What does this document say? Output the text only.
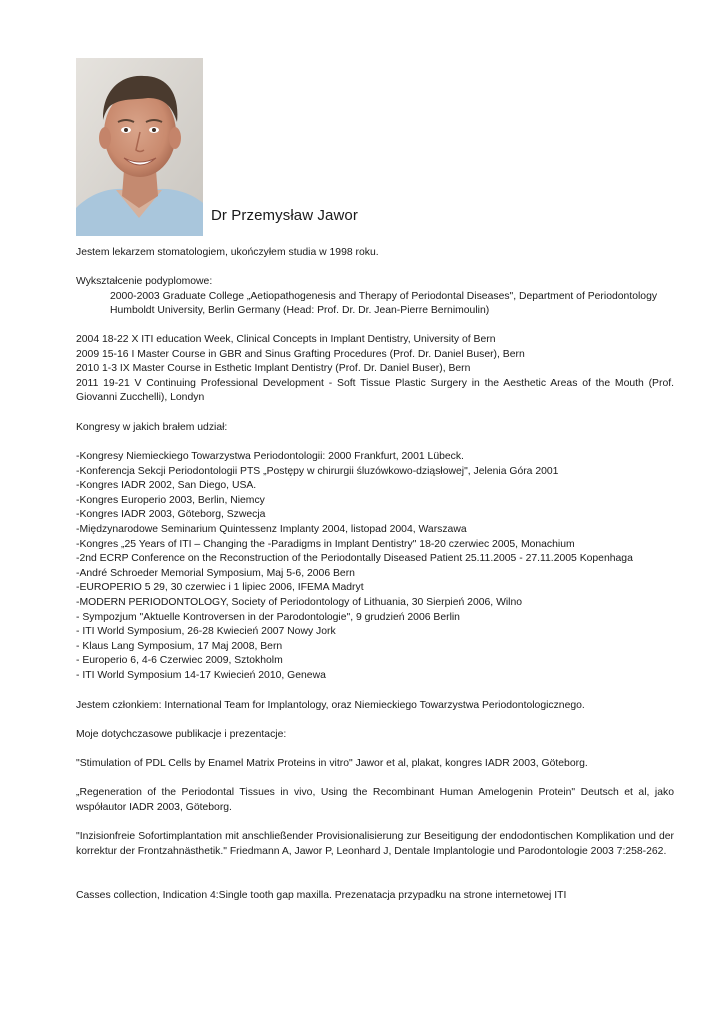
Dr Przemysław Jawor

Jestem lekarzem stomatologiem, ukończyłem studia w 1998 roku.

Wykształcenie podyplomowe:

2000-2003 Graduate College „Aetiopathogenesis and Therapy of Periodontal Diseases", Department of Periodontology

Humboldt University, Berlin Germany (Head: Prof. Dr. Dr. Jean-Pierre Bernimoulin)

2004 18-22 X ITI education Week, Clinical Concepts in Implant Dentistry, University of Bern

2009 15-16 I Master Course in GBR and Sinus Grafting Procedures (Prof. Dr. Daniel Buser), Bern

2010 1-3 IX Master Course in Esthetic Implant Dentistry (Prof. Dr. Daniel Buser), Bern

2011 19-21 V Continuing Professional Development - Soft Tissue Plastic Surgery in the Aesthetic Areas of the Mouth (Prof. Giovanni Zucchelli), Londyn

Kongresy w jakich brałem udział:

-Kongresy Niemieckiego Towarzystwa Periodontologii: 2000 Frankfurt, 2001 Lübeck.

-Konferencja Sekcji Periodontologii PTS „Postępy w chirurgii śluzówkowo-dziąsłowej", Jelenia Góra 2001

-Kongres IADR 2002, San Diego, USA.

-Kongres Europerio 2003, Berlin, Niemcy

-Kongres IADR 2003, Göteborg, Szwecja

-Międzynarodowe Seminarium Quintessenz Implanty 2004, listopad 2004, Warszawa

-Kongres „25 Years of ITI – Changing the -Paradigms in Implant Dentistry" 18-20 czerwiec 2005, Monachium

-2nd ECRP Conference on the Reconstruction of the Periodontally Diseased Patient 25.11.2005 - 27.11.2005 Kopenhaga

-André Schroeder Memorial Symposium, Maj 5-6, 2006 Bern

-EUROPERIO 5 29, 30 czerwiec i 1 lipiec 2006, IFEMA Madryt

-MODERN PERIODONTOLOGY, Society of Periodontology of Lithuania, 30 Sierpień 2006, Wilno

- Sympozjum "Aktuelle Kontroversen in der Parodontologie", 9 grudzień 2006 Berlin

- ITI World Symposium, 26-28 Kwiecień 2007 Nowy Jork

- Klaus Lang Symposium, 17 Maj 2008, Bern

- Europerio 6, 4-6 Czerwiec 2009, Sztokholm

- ITI World Symposium 14-17 Kwiecień 2010, Genewa

Jestem członkiem: International Team for Implantology, oraz Niemieckiego Towarzystwa Periodontologicznego.

Moje dotychczasowe publikacje i prezentacje:

"Stimulation of PDL Cells by Enamel Matrix Proteins in vitro" Jawor et al, plakat, kongres IADR 2003, Göteborg.

„Regeneration of the Periodontal Tissues in vivo, Using the Recombinant Human Amelogenin Protein" Deutsch et al, jako współautor IADR 2003, Göteborg.

"Inzisionfreie Sofortimplantation mit anschließender Provisionalisierung zur Beseitigung der endodontischen Komplikation und der korrektur der Frontzahnästhetik." Friedmann A, Jawor P, Leonhard J, Dentale Implantologie und Parodontologie 2003 7:258-262.

Casses collection, Indication 4:Single tooth gap maxilla. Prezenatacja przypadku na strone internetowej ITI
